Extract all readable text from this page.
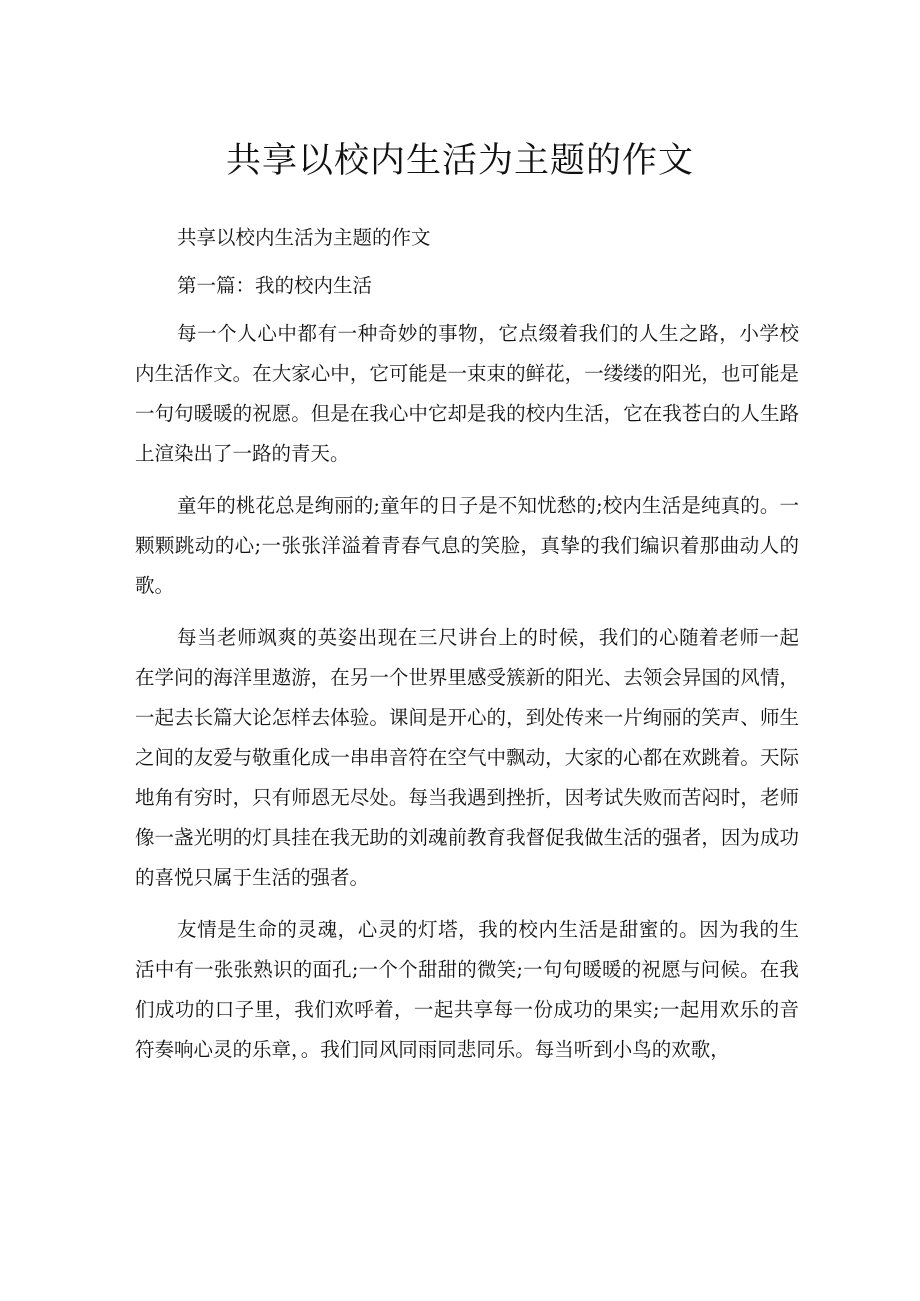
共享以校内生活为主题的作文

共享以校内生活为主题的作文

第一篇：我的校内生活

每一个人心中都有一种奇妙的事物，它点缀着我们的人生之路，小学校内生活作文。在大家心中，它可能是一束束的鲜花，一缕缕的阳光，也可能是一句句暖暖的祝愿。但是在我心中它却是我的校内生活，它在我苍白的人生路上渲染出了一路的青天。

童年的桃花总是绚丽的;童年的日子是不知忧愁的;校内生活是纯真的。一颗颗跳动的心;一张张洋溢着青春气息的笑脸，真挚的我们编识着那曲动人的歌。

每当老师飒爽的英姿出现在三尺讲台上的时候，我们的心随着老师一起在学问的海洋里遨游，在另一个世界里感受簇新的阳光、去领会异国的风情，一起去长篇大论怎样去体验。课间是开心的，到处传来一片绚丽的笑声、师生之间的友爱与敬重化成一串串音符在空气中飘动，大家的心都在欢跳着。天际地角有穷时，只有师恩无尽处。每当我遇到挫折，因考试失败而苦闷时，老师像一盏光明的灯具挂在我无助的刘魂前教育我督促我做生活的强者，因为成功的喜悦只属于生活的强者。

友情是生命的灵魂，心灵的灯塔，我的校内生活是甜蜜的。因为我的生活中有一张张熟识的面孔;一个个甜甜的微笑;一句句暖暖的祝愿与问候。在我们成功的口子里，我们欢呼着，一起共享每一份成功的果实;一起用欢乐的音符奏响心灵的乐章，。我们同风同雨同悲同乐。每当听到小鸟的欢歌，
